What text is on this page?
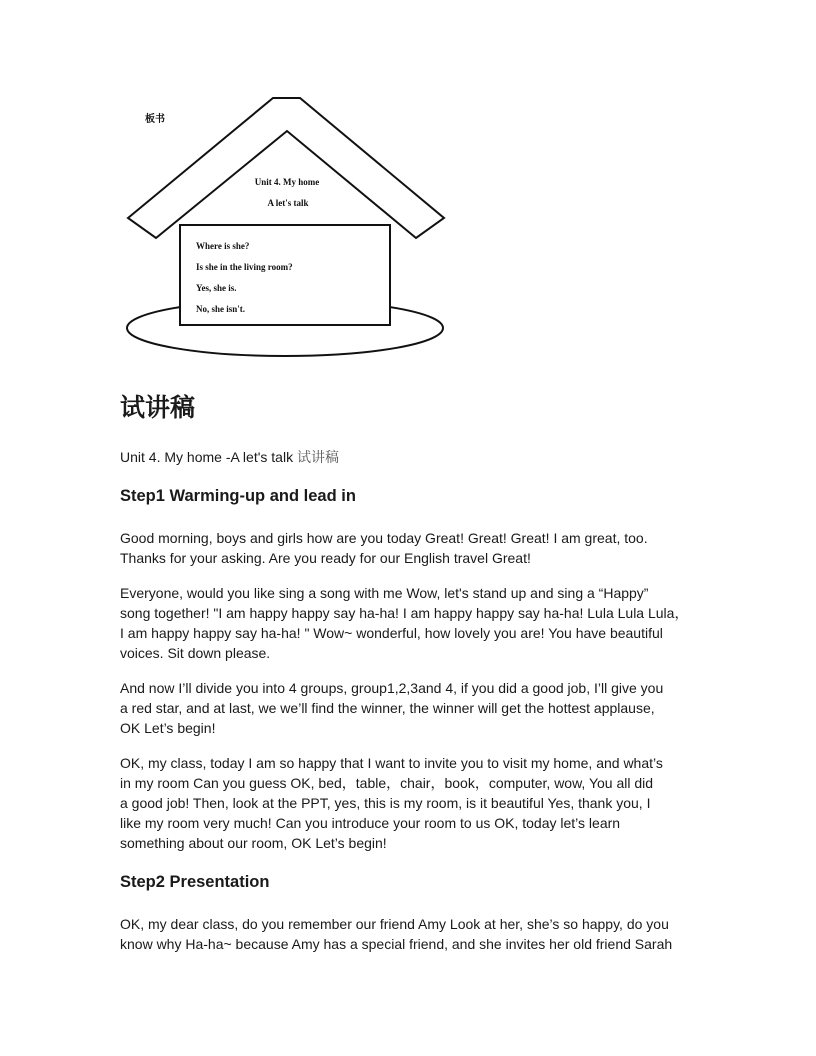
板书
Unit 4. My home
A let's talk
Where is she?
Is she in the living room?
Yes, she is.
No, she isn't.
试讲稿
Unit 4. My home -A let's talk 试讲稿
Step1 Warming-up and lead in

Good morning, boys and girls how are you today Great! Great! Great! I am great, too.
Thanks for your asking. Are you ready for our English travel Great!

Everyone, would you like sing a song with me Wow, let's stand up and sing a “Happy”
song together! "I am happy happy say ha-ha! I am happy happy say ha-ha! Lula Lula Lula，
I am happy happy say ha-ha! " Wow~ wonderful, how lovely you are! You have beautiful
voices. Sit down please.

And now I’ll divide you into 4 groups, group1,2,3and 4, if you did a good job, I’ll give you
a red star, and at last, we we’ll find the winner, the winner will get the hottest applause,
OK Let’s begin!

OK, my class, today I am so happy that I want to invite you to visit my home, and what’s
in my room Can you guess OK, bed，table，chair，book，computer, wow, You all did
a good job! Then, look at the PPT, yes, this is my room, is it beautiful Yes, thank you, I
like my room very much! Can you introduce your room to us OK, today let’s learn
something about our room, OK Let’s begin!

Step2 Presentation

OK, my dear class, do you remember our friend Amy Look at her, she’s so happy, do you
know why Ha-ha~ because Amy has a special friend, and she invites her old friend Sarah
